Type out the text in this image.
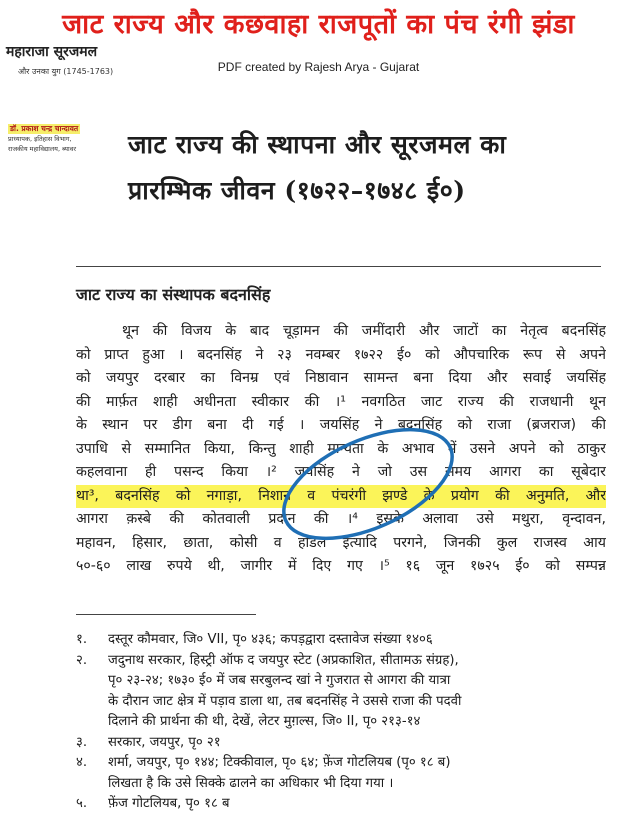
जाट राज्य और कछवाहा राजपूतों का पंच रंगी झंडा
महाराजा सूरजमल
और उनका युग (1745-1763)	PDF created by Rajesh Arya - Gujarat
डॉ. प्रकाश चन्द्र चान्दावत
प्राध्यापक, इतिहास विभाग,
राजकीय महाविद्यालय, ब्यावर	जाट राज्य की स्थापना और सूरजमल का
प्रारम्भिक जीवन (१७२२–१७४८ ई०)
जाट राज्य का संस्थापक बदनसिंह
थून की विजय के बाद चूड़ामन की जमींदारी और जाटों का नेतृत्व बदनसिंह
को प्राप्त हुआ । बदनसिंह ने २३ नवम्बर १७२२ ई० को औपचारिक रूप से अपने
को जयपुर दरबार का विनम्र एवं निष्ठावान सामन्त बना दिया और सवाई जयसिंह
की मार्फ़त शाही अधीनता स्वीकार की ।¹ नवगठित जाट राज्य की राजधानी थून
के स्थान पर डीग बना दी गई । जयसिंह ने बदनसिंह को राजा (ब्रजराज) की
उपाधि से सम्मानित किया, किन्तु शाही मान्यता के अभाव में उसने अपने को ठाकुर
कहलवाना ही पसन्द किया ।² जयसिंह ने जो उस समय आगरा का सूबेदार
था³, बदनसिंह को नगाड़ा, निशान व पंचरंगी झण्डे के प्रयोग की अनुमति, और
आगरा क़स्बे की कोतवाली प्रदान की ।⁴ इसके अलावा उसे मथुरा, वृन्दावन,
महावन, हिसार, छाता, कोसी व होडल इत्यादि परगने, जिनकी कुल राजस्व आय
५०-६० लाख रुपये थी, जागीर में दिए गए ।⁵ १६ जून १७२५ ई० को सम्पन्न
१.	दस्तूर कौमवार, जि० VII, पृ० ४३६; कपड़द्वारा दस्तावेज संख्या १४०६
२.	जदुनाथ सरकार, हिस्ट्री ऑफ द जयपुर स्टेट (अप्रकाशित, सीतामऊ संग्रह),
पृ० २३-२४; १७३० ई० में जब सरबुलन्द खां ने गुजरात से आगरा की यात्रा
के दौरान जाट क्षेत्र में पड़ाव डाला था, तब बदनसिंह ने उससे राजा की पदवी
दिलाने की प्रार्थना की थी, देखें, लेटर मुग़ल्स, जि० II, पृ० २१३-१४
३.	सरकार, जयपुर, पृ० २१
४.	शर्मा, जयपुर, पृ० १४४; टिक्कीवाल, पृ० ६४; फ़ेंज गोटलियब (पृ० १८ ब)
लिखता है कि उसे सिक्के ढालने का अधिकार भी दिया गया ।
५.	फ़ेंज गोटलियब, पृ० १८ ब
